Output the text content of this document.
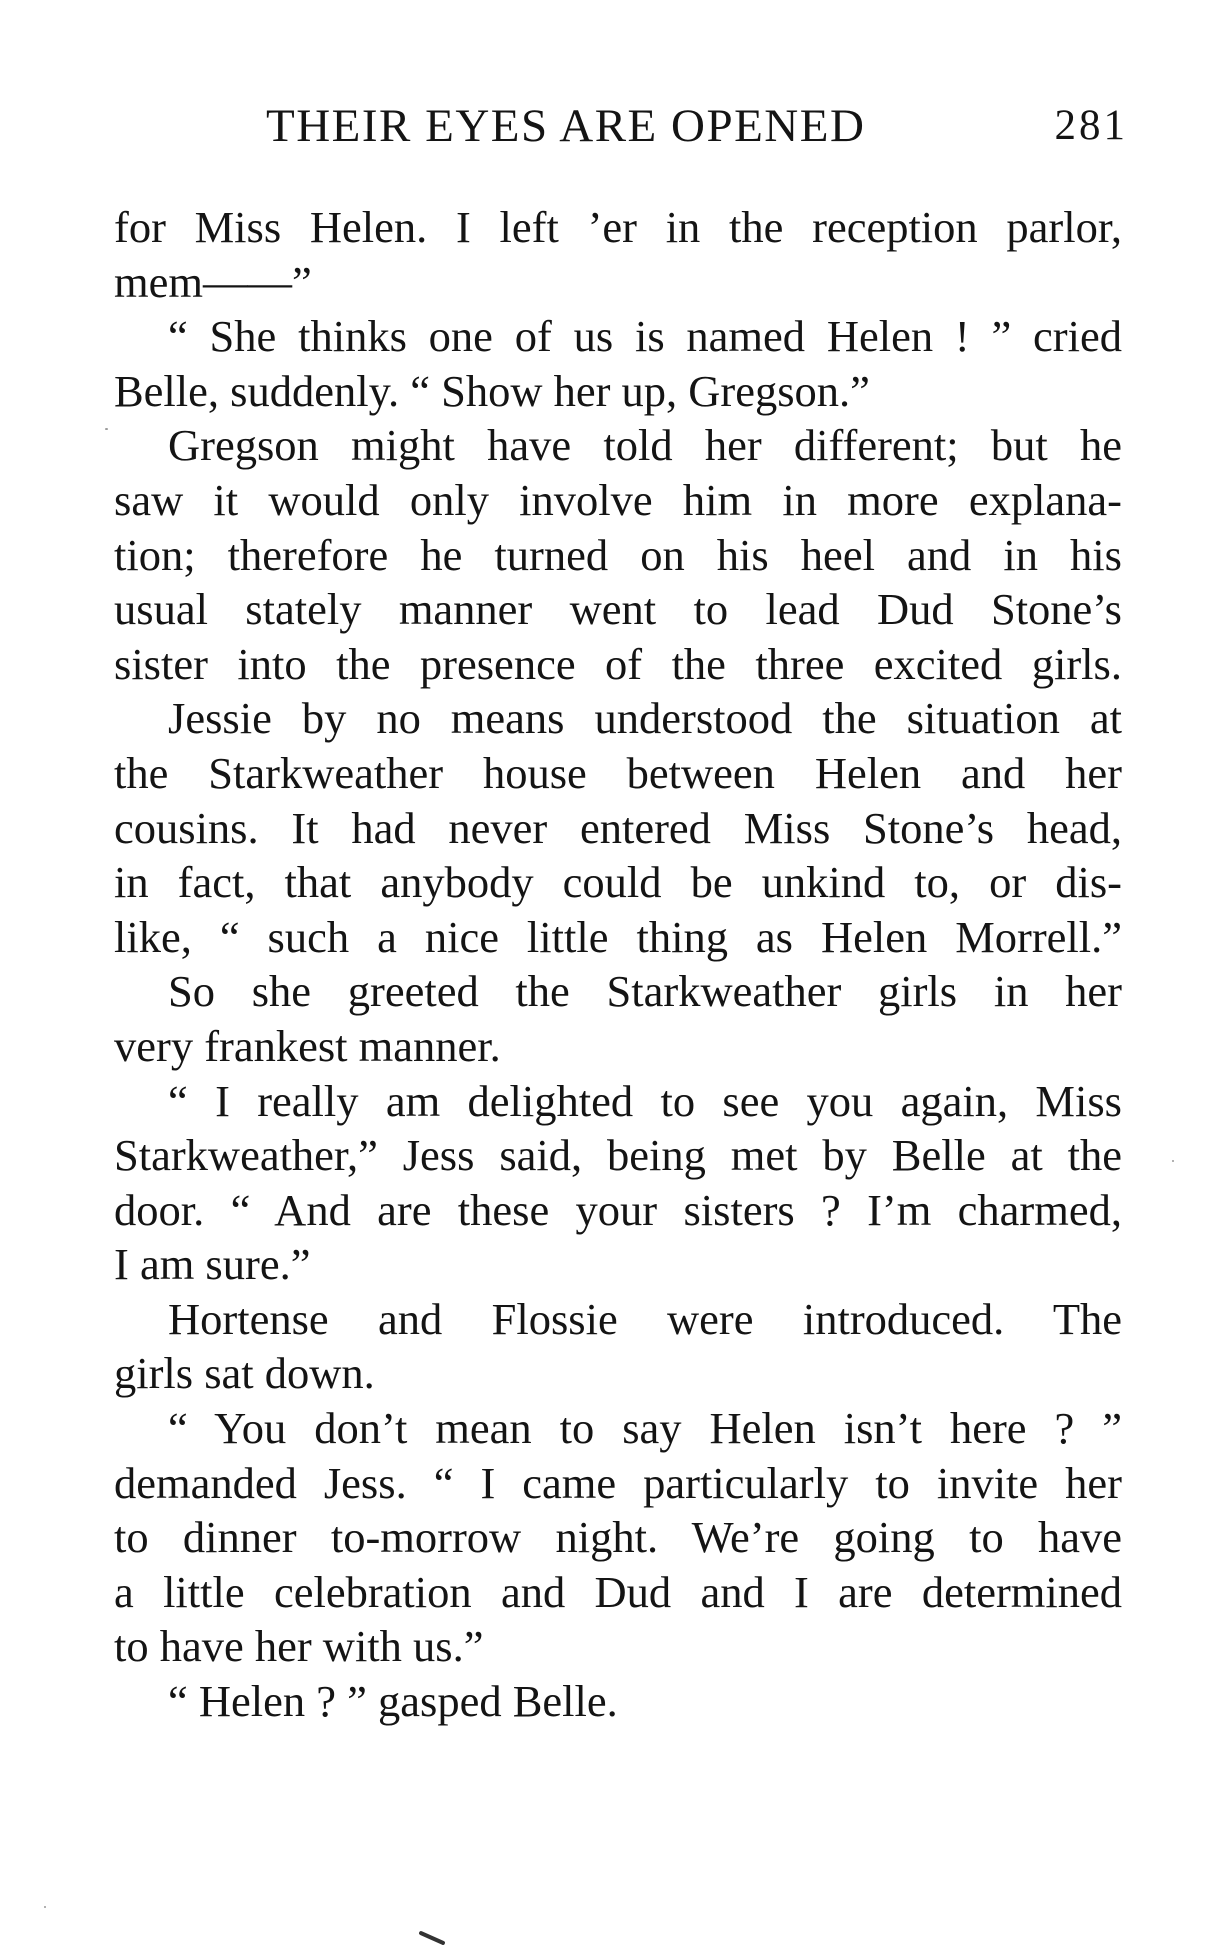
THEIR EYES ARE OPENED	281
for Miss Helen. I left ’er in the reception parlor,
mem——”
“ She thinks one of us is named Helen ! ” cried
Belle, suddenly. “ Show her up, Gregson.”
Gregson might have told her different; but he
saw it would only involve him in more explana-
tion; therefore he turned on his heel and in his
usual stately manner went to lead Dud Stone’s
sister into the presence of the three excited girls.
Jessie by no means understood the situation at
the Starkweather house between Helen and her
cousins. It had never entered Miss Stone’s head,
in fact, that anybody could be unkind to, or dis-
like, “ such a nice little thing as Helen Morrell.”
So she greeted the Starkweather girls in her
very frankest manner.
“ I really am delighted to see you again, Miss
Starkweather,” Jess said, being met by Belle at the
door. “ And are these your sisters ? I’m charmed,
I am sure.”
Hortense and Flossie were introduced. The
girls sat down.
“ You don’t mean to say Helen isn’t here ? ”
demanded Jess. “ I came particularly to invite her
to dinner to-morrow night. We’re going to have
a little celebration and Dud and I are determined
to have her with us.”
“ Helen ? ” gasped Belle.
